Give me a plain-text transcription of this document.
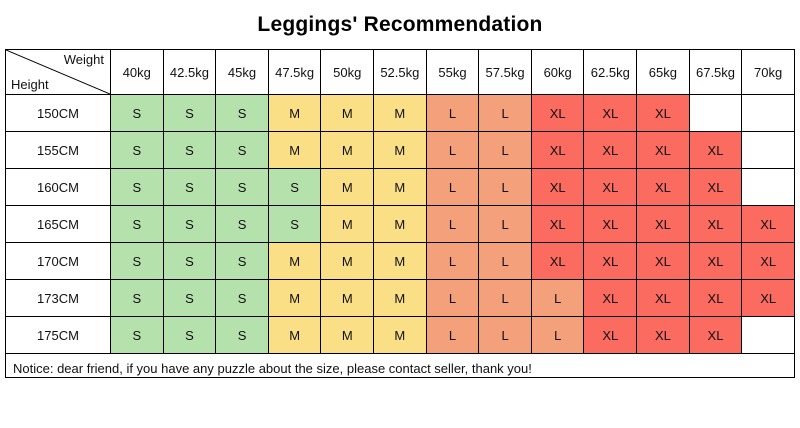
Leggings' Recommendation
Weight
Height	40kg	42.5kg	45kg	47.5kg	50kg	52.5kg	55kg	57.5kg	60kg	62.5kg	65kg	67.5kg	70kg
150CM	S	S	S	M	M	M	L	L	XL	XL	XL		
155CM	S	S	S	M	M	M	L	L	XL	XL	XL	XL	
160CM	S	S	S	S	M	M	L	L	XL	XL	XL	XL	
165CM	S	S	S	S	M	M	L	L	XL	XL	XL	XL	XL
170CM	S	S	S	M	M	M	L	L	XL	XL	XL	XL	XL
173CM	S	S	S	M	M	M	L	L	L	XL	XL	XL	XL
175CM	S	S	S	M	M	M	L	L	L	XL	XL	XL	
Notice: dear friend, if you have any puzzle about the size, please contact seller, thank you!
